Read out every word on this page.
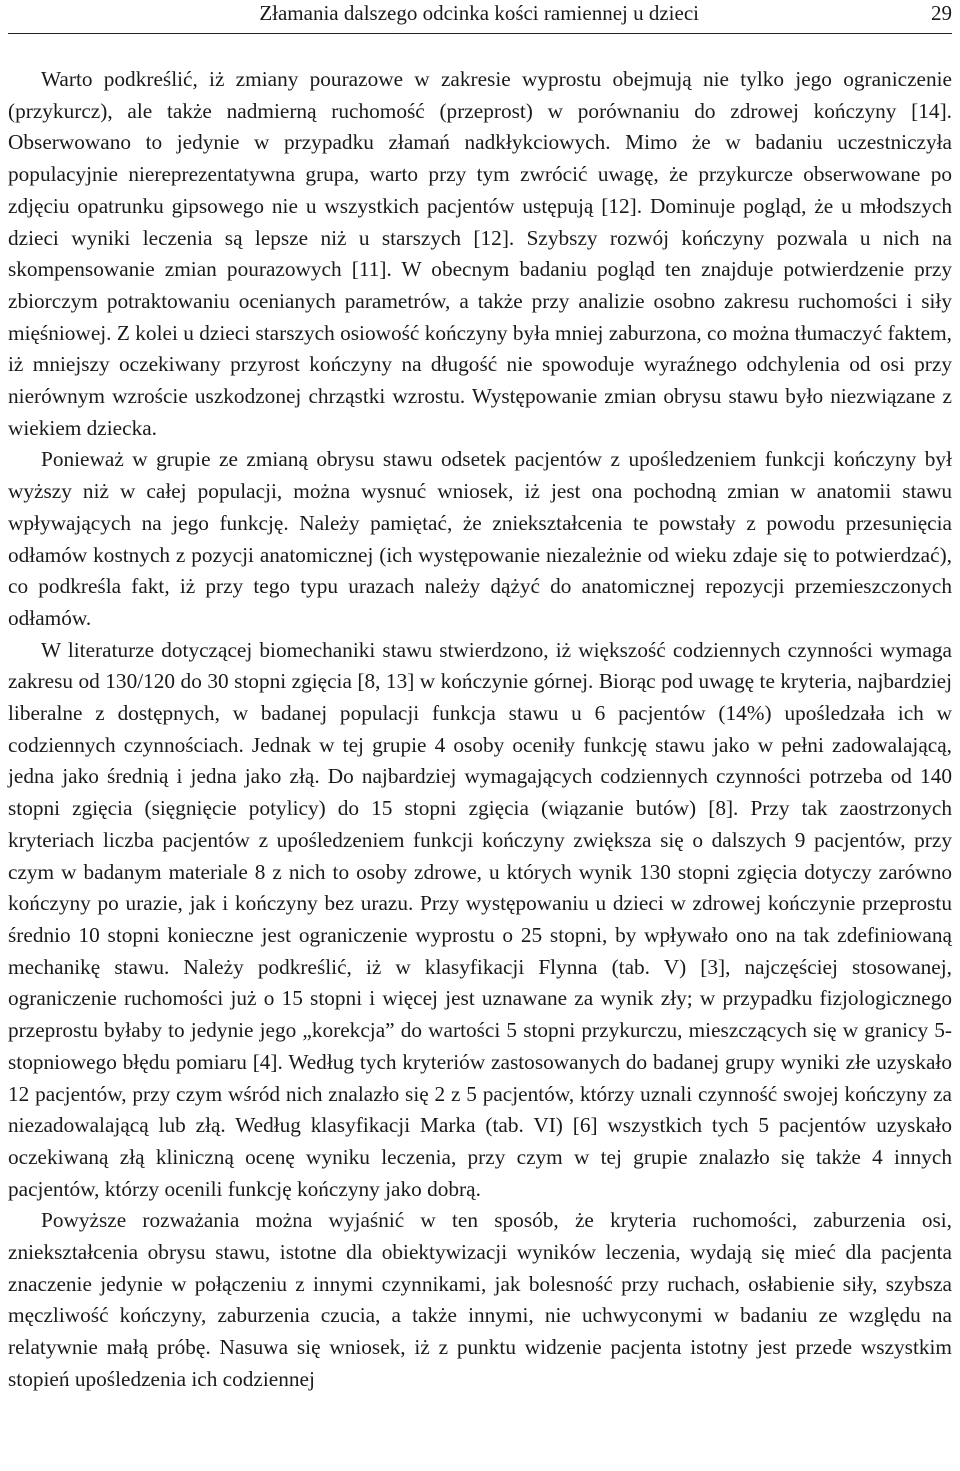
Złamania dalszego odcinka kości ramiennej u dzieci	29

Warto podkreślić, iż zmiany pourazowe w zakresie wyprostu obejmują nie tylko jego ograniczenie (przykurcz), ale także nadmierną ruchomość (przeprost) w porównaniu do zdrowej kończyny [14]. Obserwowano to jedynie w przypadku złamań nadkłykciowych. Mimo że w badaniu uczestniczyła populacyjnie niereprezentatywna grupa, warto przy tym zwrócić uwagę, że przykurcze obserwowane po zdjęciu opatrunku gipsowego nie u wszystkich pacjentów ustępują [12]. Dominuje pogląd, że u młodszych dzieci wyniki leczenia są lepsze niż u starszych [12]. Szybszy rozwój kończyny pozwala u nich na skompensowanie zmian pourazowych [11]. W obecnym badaniu pogląd ten znajduje potwierdzenie przy zbiorczym potraktowaniu ocenianych parametrów, a także przy analizie osobno zakresu ruchomości i siły mięśniowej. Z kolei u dzieci starszych osiowość kończyny była mniej zaburzona, co można tłumaczyć faktem, iż mniejszy oczekiwany przyrost kończyny na długość nie spowoduje wyraźnego odchylenia od osi przy nierównym wzroście uszkodzonej chrząstki wzrostu. Występowanie zmian obrysu stawu było niezwiązane z wiekiem dziecka.

Ponieważ w grupie ze zmianą obrysu stawu odsetek pacjentów z upośledzeniem funkcji kończyny był wyższy niż w całej populacji, można wysnuć wniosek, iż jest ona pochodną zmian w anatomii stawu wpływających na jego funkcję. Należy pamiętać, że zniekształcenia te powstały z powodu przesunięcia odłamów kostnych z pozycji anatomicznej (ich występowanie niezależnie od wieku zdaje się to potwierdzać), co podkreśla fakt, iż przy tego typu urazach należy dążyć do anatomicznej repozycji przemieszczonych odłamów.

W literaturze dotyczącej biomechaniki stawu stwierdzono, iż większość codziennych czynności wymaga zakresu od 130/120 do 30 stopni zgięcia [8, 13] w kończynie górnej. Biorąc pod uwagę te kryteria, najbardziej liberalne z dostępnych, w badanej populacji funkcja stawu u 6 pacjentów (14%) upośledzała ich w codziennych czynnościach. Jednak w tej grupie 4 osoby oceniły funkcję stawu jako w pełni zadowalającą, jedna jako średnią i jedna jako złą. Do najbardziej wymagających codziennych czynności potrzeba od 140 stopni zgięcia (sięgnięcie potylicy) do 15 stopni zgięcia (wiązanie butów) [8]. Przy tak zaostrzonych kryteriach liczba pacjentów z upośledzeniem funkcji kończyny zwiększa się o dalszych 9 pacjentów, przy czym w badanym materiale 8 z nich to osoby zdrowe, u których wynik 130 stopni zgięcia dotyczy zarówno kończyny po urazie, jak i kończyny bez urazu. Przy występowaniu u dzieci w zdrowej kończynie przeprostu średnio 10 stopni konieczne jest ograniczenie wyprostu o 25 stopni, by wpływało ono na tak zdefiniowaną mechanikę stawu. Należy podkreślić, iż w klasyfikacji Flynna (tab. V) [3], najczęściej stosowanej, ograniczenie ruchomości już o 15 stopni i więcej jest uznawane za wynik zły; w przypadku fizjologicznego przeprostu byłaby to jedynie jego „korekcja” do wartości 5 stopni przykurczu, mieszczących się w granicy 5-stopniowego błędu pomiaru [4]. Według tych kryteriów zastosowanych do badanej grupy wyniki złe uzyskało 12 pacjentów, przy czym wśród nich znalazło się 2 z 5 pacjentów, którzy uznali czynność swojej kończyny za niezadowalającą lub złą. Według klasyfikacji Marka (tab. VI) [6] wszystkich tych 5 pacjentów uzyskało oczekiwaną złą kliniczną ocenę wyniku leczenia, przy czym w tej grupie znalazło się także 4 innych pacjentów, którzy ocenili funkcję kończyny jako dobrą.

Powyższe rozważania można wyjaśnić w ten sposób, że kryteria ruchomości, zaburzenia osi, zniekształcenia obrysu stawu, istotne dla obiektywizacji wyników leczenia, wydają się mieć dla pacjenta znaczenie jedynie w połączeniu z innymi czynnikami, jak bolesność przy ruchach, osłabienie siły, szybsza męczliwość kończyny, zaburzenia czucia, a także innymi, nie uchwyconymi w badaniu ze względu na relatywnie małą próbę. Nasuwa się wniosek, iż z punktu widzenie pacjenta istotny jest przede wszystkim stopień upośledzenia ich codziennej
